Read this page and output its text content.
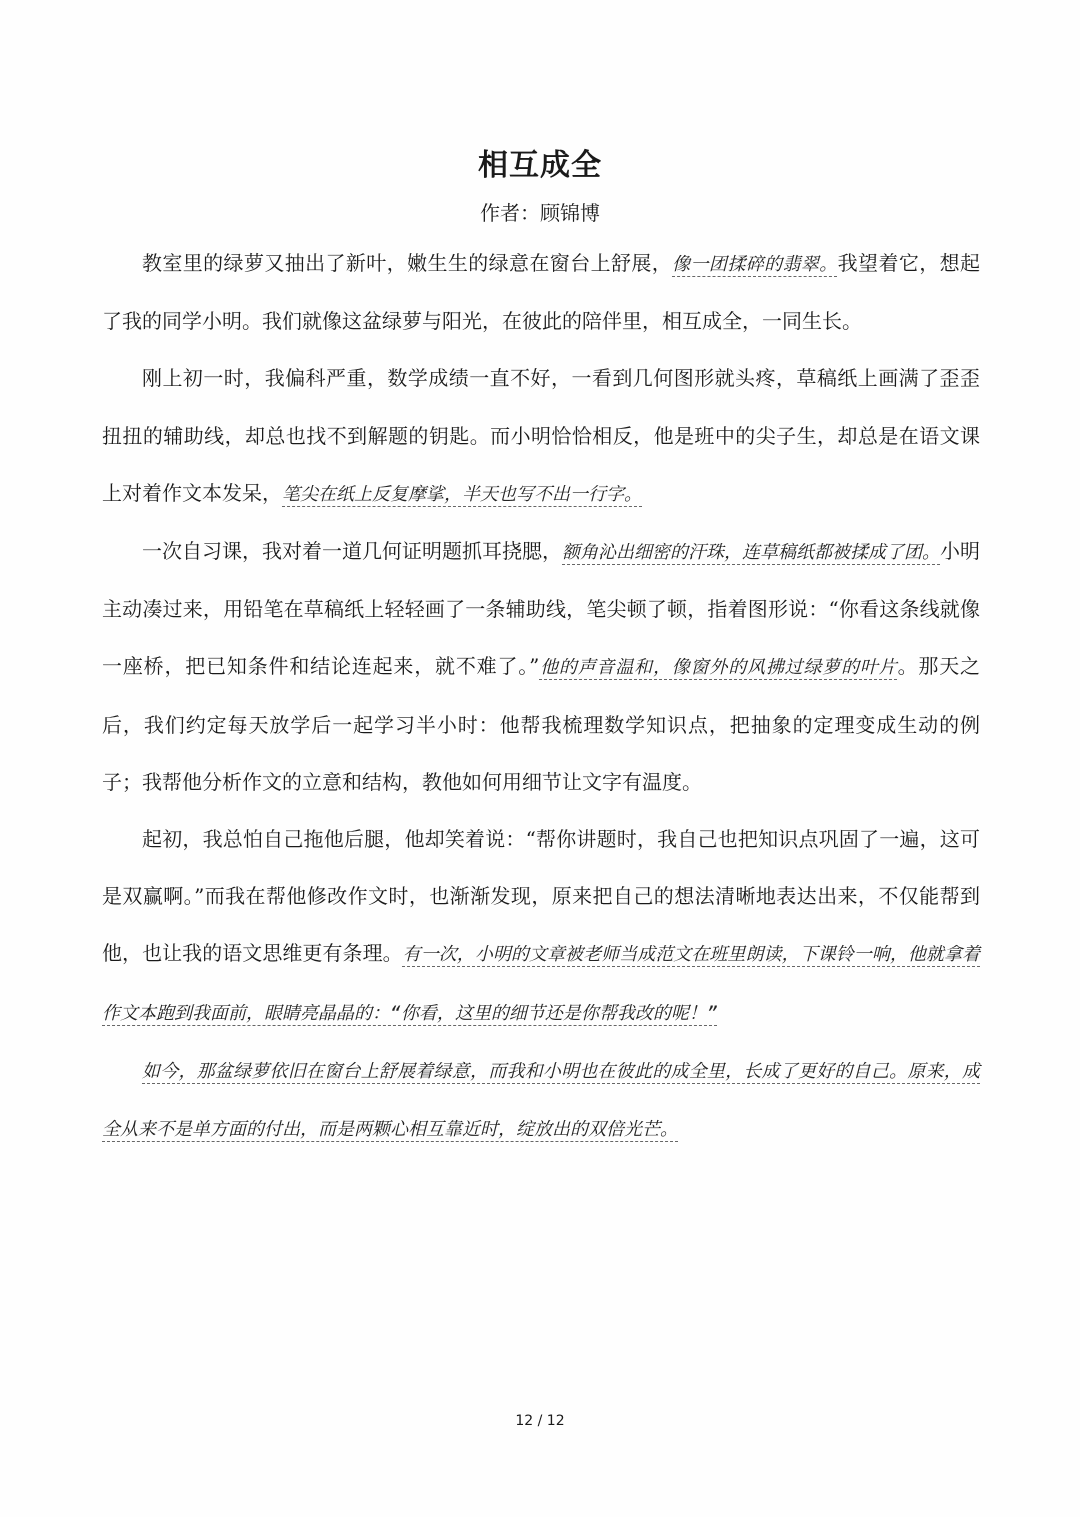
相互成全
作者：顾锦博

教室里的绿萝又抽出了新叶，嫩生生的绿意在窗台上舒展，像一团揉碎的翡翠。我望着它，想起了我的同学小明。我们就像这盆绿萝与阳光，在彼此的陪伴里，相互成全，一同生长。

刚上初一时，我偏科严重，数学成绩一直不好，一看到几何图形就头疼，草稿纸上画满了歪歪扭扭的辅助线，却总也找不到解题的钥匙。而小明恰恰相反，他是班中的尖子生，却总是在语文课上对着作文本发呆，笔尖在纸上反复摩挲，半天也写不出一行字。

一次自习课，我对着一道几何证明题抓耳挠腮，额角沁出细密的汗珠，连草稿纸都被揉成了团。小明主动凑过来，用铅笔在草稿纸上轻轻画了一条辅助线，笔尖顿了顿，指着图形说：“你看这条线就像一座桥，把已知条件和结论连起来，就不难了。”他的声音温和，像窗外的风拂过绿萝的叶片。那天之后，我们约定每天放学后一起学习半小时：他帮我梳理数学知识点，把抽象的定理变成生动的例子；我帮他分析作文的立意和结构，教他如何用细节让文字有温度。

起初，我总怕自己拖他后腿，他却笑着说：“帮你讲题时，我自己也把知识点巩固了一遍，这可是双赢啊。”而我在帮他修改作文时，也渐渐发现，原来把自己的想法清晰地表达出来，不仅能帮到他，也让我的语文思维更有条理。有一次，小明的文章被老师当成范文在班里朗读，下课铃一响，他就拿着作文本跑到我面前，眼睛亮晶晶的：“你看，这里的细节还是你帮我改的呢！”

如今，那盆绿萝依旧在窗台上舒展着绿意，而我和小明也在彼此的成全里，长成了更好的自己。原来，成全从来不是单方面的付出，而是两颗心相互靠近时，绽放出的双倍光芒。

12 / 12
